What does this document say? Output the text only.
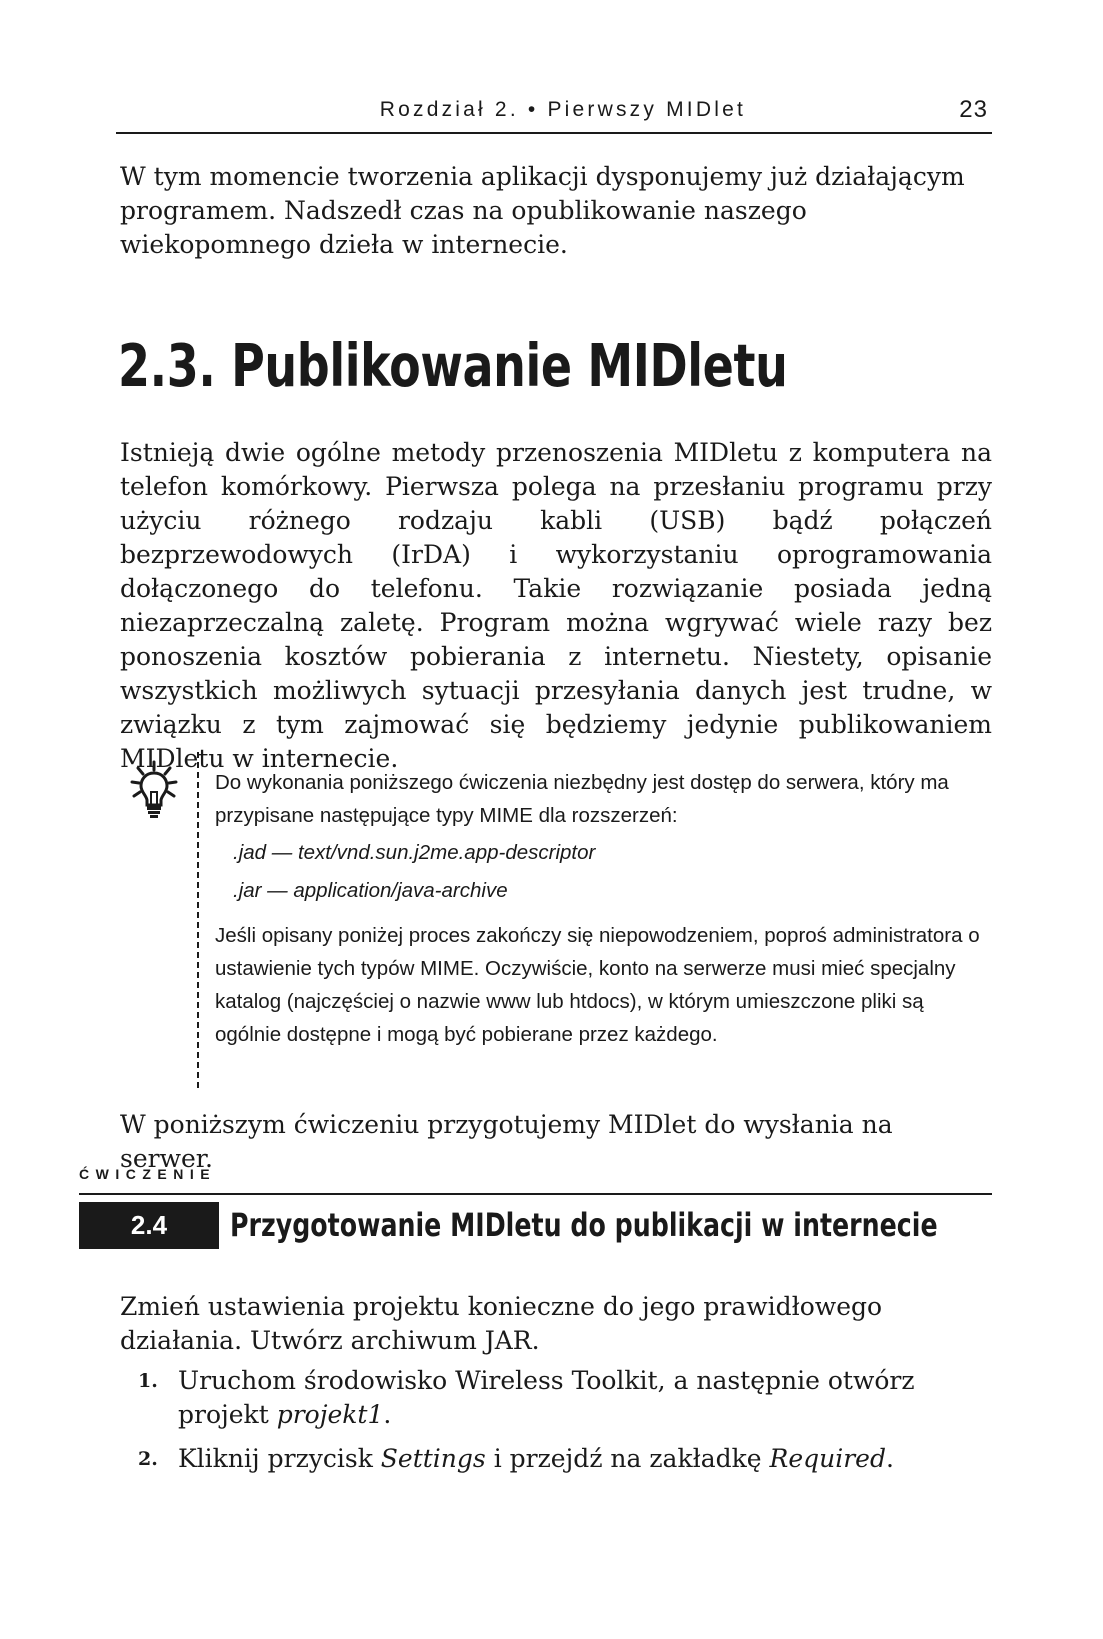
Rozdział 2. • Pierwszy MIDlet	23

W tym momencie tworzenia aplikacji dysponujemy już działającym programem. Nadszedł czas na opublikowanie naszego wiekopomnego dzieła w internecie.

2.3. Publikowanie MIDletu

Istnieją dwie ogólne metody przenoszenia MIDletu z komputera na telefon komórkowy. Pierwsza polega na przesłaniu programu przy użyciu różnego rodzaju kabli (USB) bądź połączeń bezprzewodowych (IrDA) i wykorzystaniu oprogramowania dołączonego do telefonu. Takie rozwiązanie posiada jedną niezaprzeczalną zaletę. Program można wgrywać wiele razy bez ponoszenia kosztów pobierania z internetu. Niestety, opisanie wszystkich możliwych sytuacji przesyłania danych jest trudne, w związku z tym zajmować się będziemy jedynie publikowaniem MIDletu w internecie.

Do wykonania poniższego ćwiczenia niezbędny jest dostęp do serwera, który ma przypisane następujące typy MIME dla rozszerzeń:

.jad — text/vnd.sun.j2me.app-descriptor

.jar — application/java-archive

Jeśli opisany poniżej proces zakończy się niepowodzeniem, poproś administratora o ustawienie tych typów MIME. Oczywiście, konto na serwerze musi mieć specjalny katalog (najczęściej o nazwie www lub htdocs), w którym umieszczone pliki są ogólnie dostępne i mogą być pobierane przez każdego.

W poniższym ćwiczeniu przygotujemy MIDlet do wysłania na serwer.

ĆWICZENIE
2.4	Przygotowanie MIDletu do publikacji w internecie

Zmień ustawienia projektu konieczne do jego prawidłowego działania. Utwórz archiwum JAR.

1. Uruchom środowisko Wireless Toolkit, a następnie otwórz projekt projekt1.
2. Kliknij przycisk Settings i przejdź na zakładkę Required.
